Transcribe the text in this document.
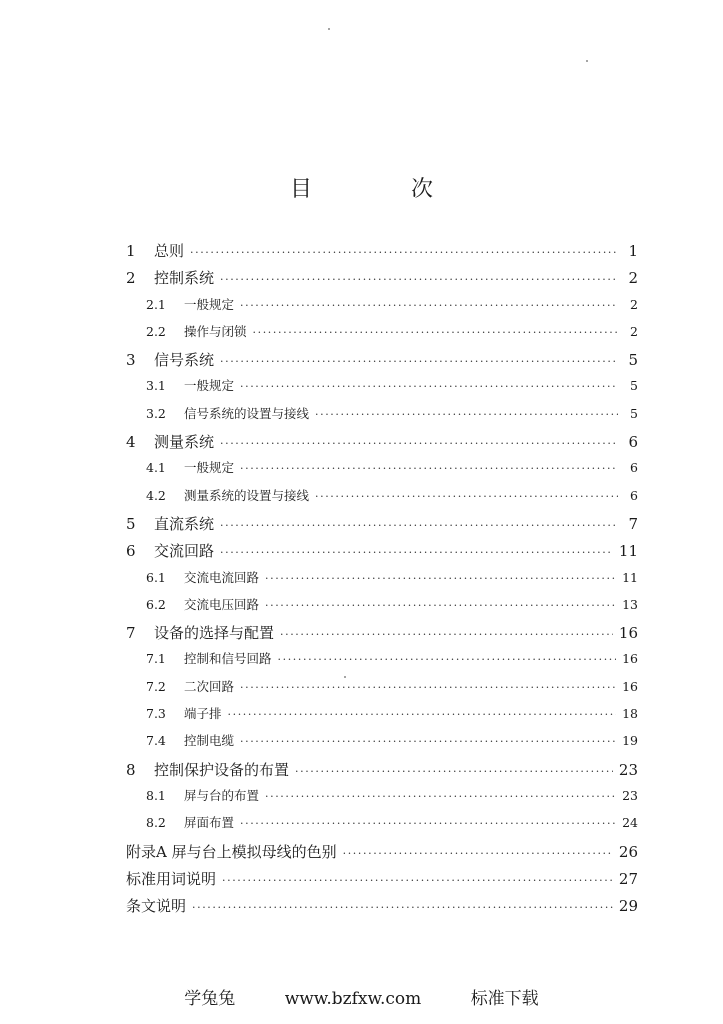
目 次
1	总则 ·····	1
2	控制系统 ·····	2
2.1	一般规定 ·····	2
2.2	操作与闭锁 ·····	2
3	信号系统 ·····	5
3.1	一般规定 ·····	5
3.2	信号系统的设置与接线 ·····	5
4	测量系统 ·····	6
4.1	一般规定 ·····	6
4.2	测量系统的设置与接线 ·····	6
5	直流系统 ·····	7
6	交流回路 ·····	11
6.1	交流电流回路 ·····	11
6.2	交流电压回路 ·····	13
7	设备的选择与配置 ·····	16
7.1	控制和信号回路 ·····	16
7.2	二次回路 ·····	16
7.3	端子排 ·····	18
7.4	控制电缆 ·····	19
8	控制保护设备的布置 ·····	23
8.1	屏与台的布置 ·····	23
8.2	屏面布置 ·····	24
附录A 屏与台上模拟母线的色别 ·····	26
标准用词说明 ·····	27
条文说明 ·····	29
学兔兔	www.bzfxw.com	标准下载
